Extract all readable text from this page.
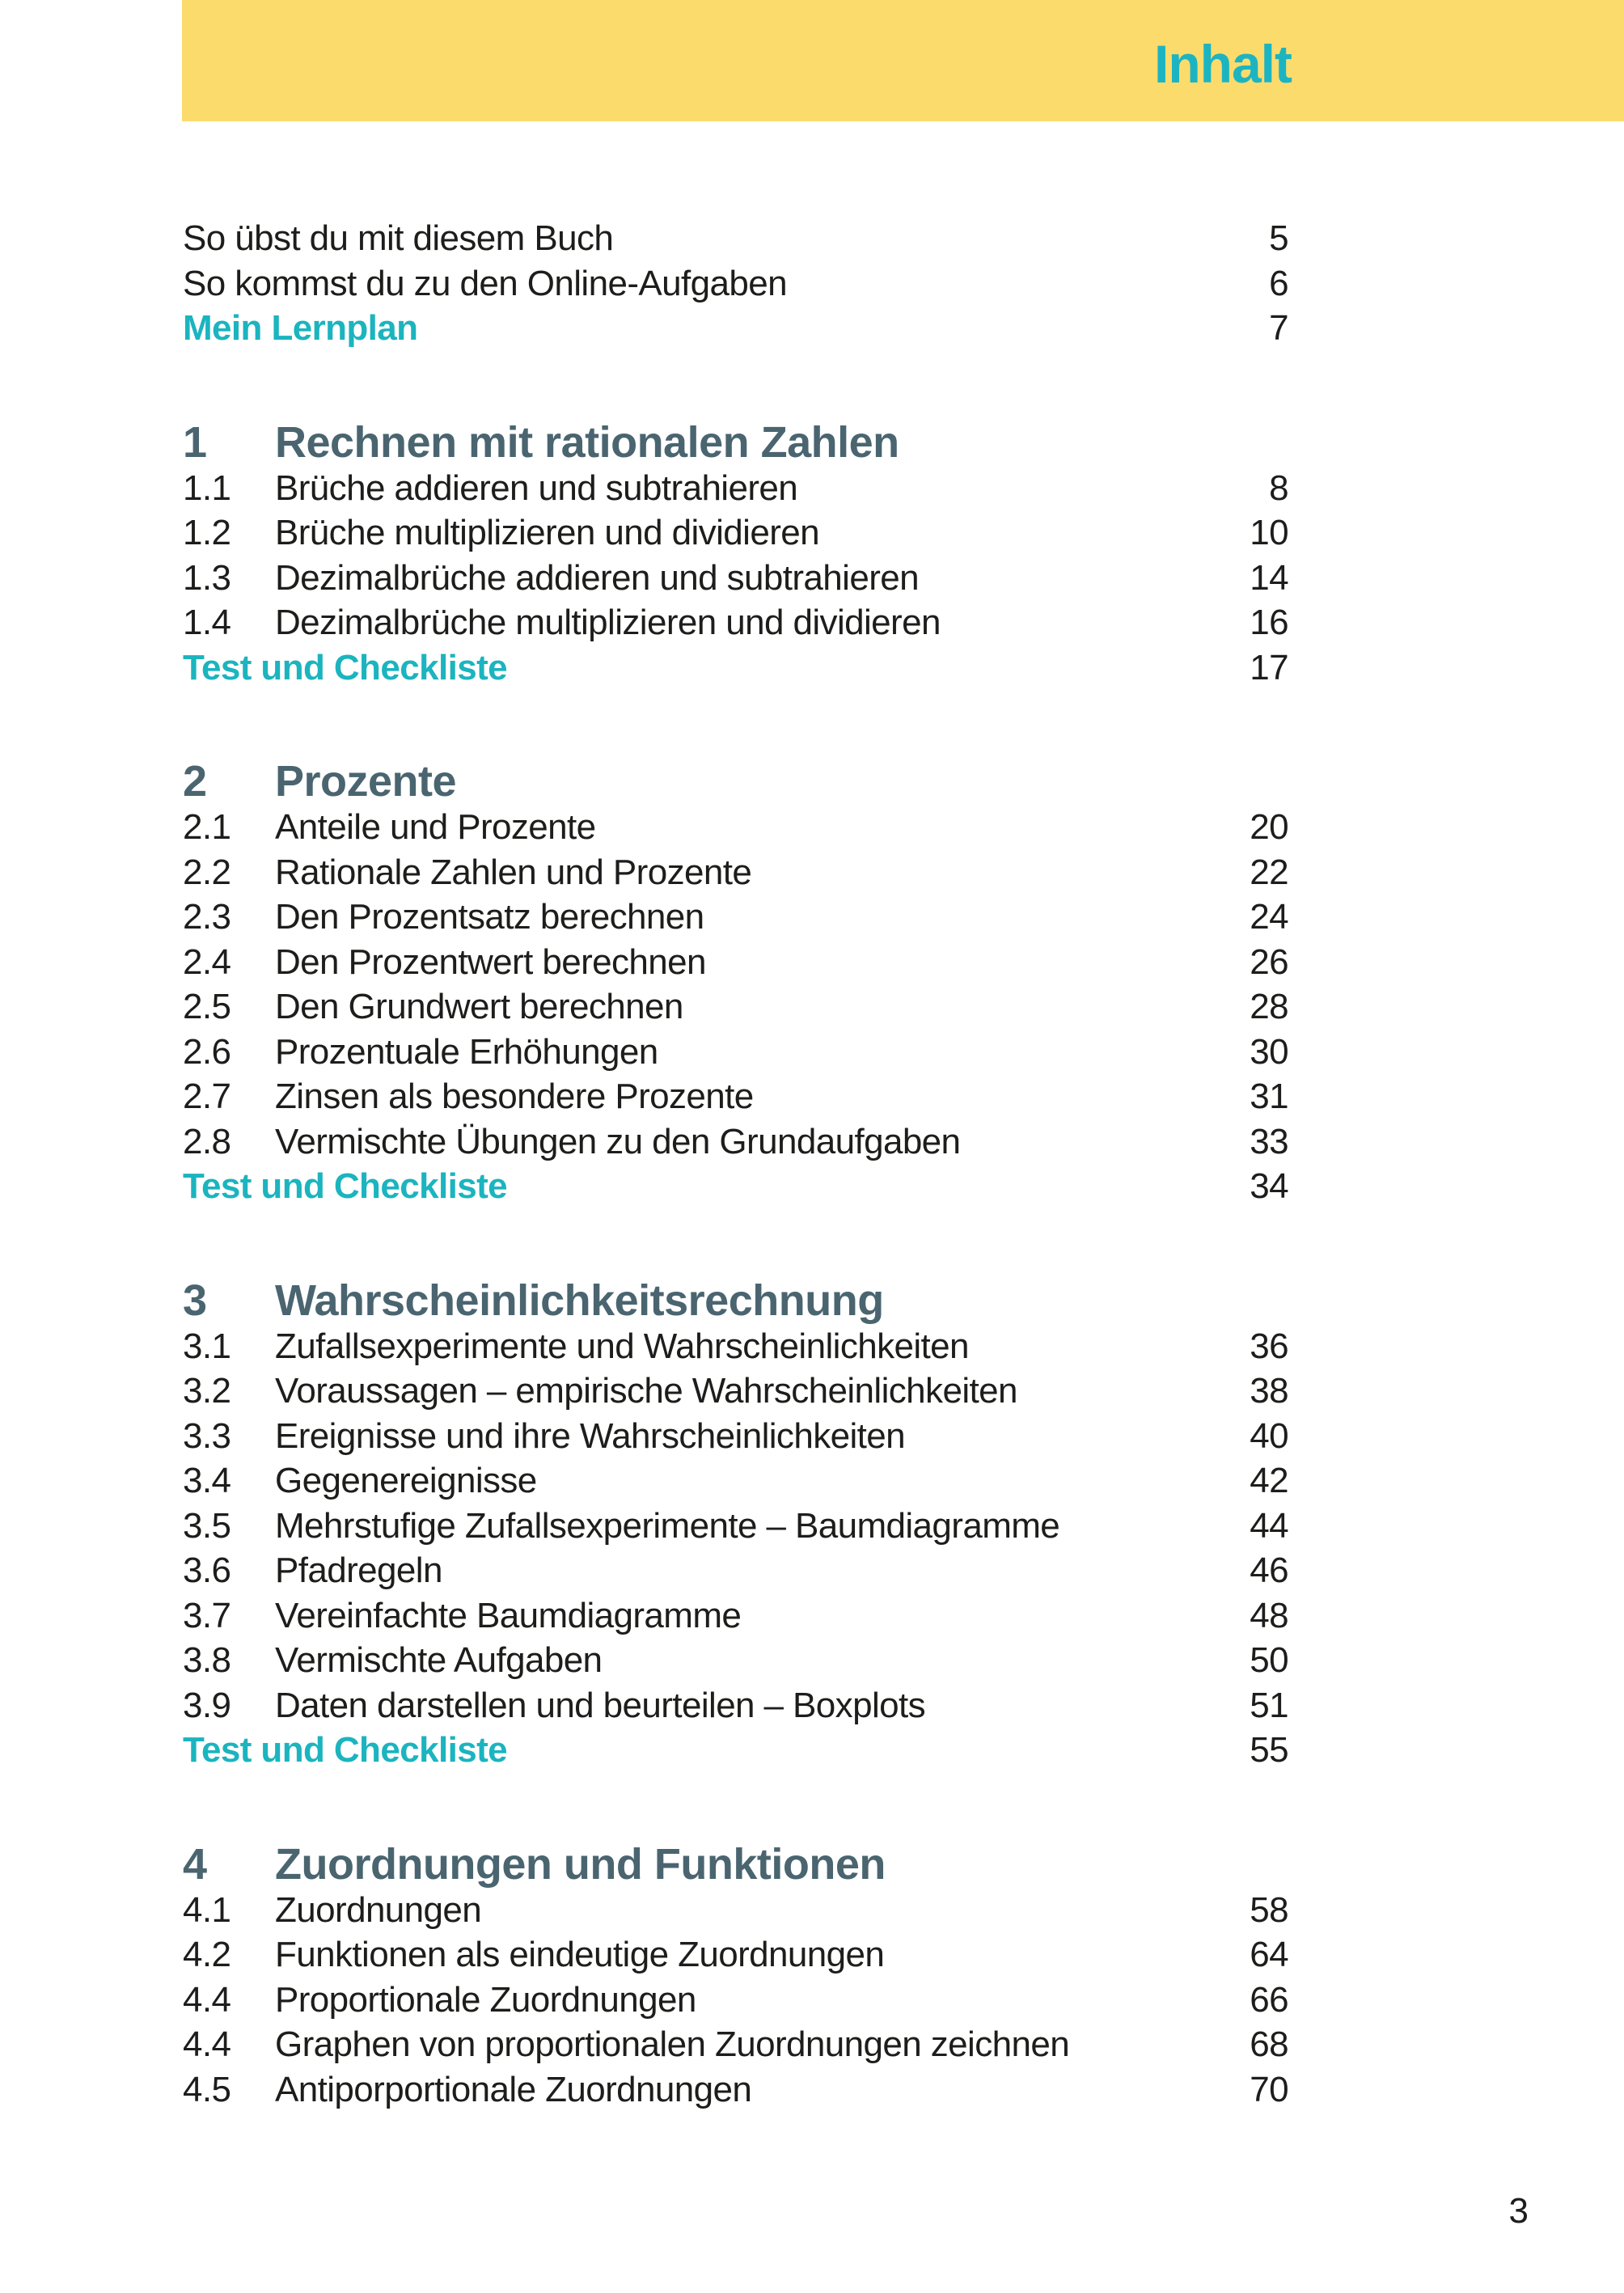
Inhalt
So übst du mit diesem Buch	5
So kommst du zu den Online-Aufgaben	6
Mein Lernplan	7
1	Rechnen mit rationalen Zahlen
1.1	Brüche addieren und subtrahieren	8
1.2	Brüche multiplizieren und dividieren	10
1.3	Dezimalbrüche addieren und subtrahieren	14
1.4	Dezimalbrüche multiplizieren und dividieren	16
Test und Checkliste	17
2	Prozente
2.1	Anteile und Prozente	20
2.2	Rationale Zahlen und Prozente	22
2.3	Den Prozentsatz berechnen	24
2.4	Den Prozentwert berechnen	26
2.5	Den Grundwert berechnen	28
2.6	Prozentuale Erhöhungen	30
2.7	Zinsen als besondere Prozente	31
2.8	Vermischte Übungen zu den Grundaufgaben	33
Test und Checkliste	34
3	Wahrscheinlichkeitsrechnung
3.1	Zufallsexperimente und Wahrscheinlichkeiten	36
3.2	Voraussagen – empirische Wahrscheinlichkeiten	38
3.3	Ereignisse und ihre Wahrscheinlichkeiten	40
3.4	Gegenereignisse	42
3.5	Mehrstufige Zufallsexperimente – Baumdiagramme	44
3.6	Pfadregeln	46
3.7	Vereinfachte Baumdiagramme	48
3.8	Vermischte Aufgaben	50
3.9	Daten darstellen und beurteilen – Boxplots	51
Test und Checkliste	55
4	Zuordnungen und Funktionen
4.1	Zuordnungen	58
4.2	Funktionen als eindeutige Zuordnungen	64
4.4	Proportionale Zuordnungen	66
4.4	Graphen von proportionalen Zuordnungen zeichnen	68
4.5	Antiporportionale Zuordnungen	70
3
